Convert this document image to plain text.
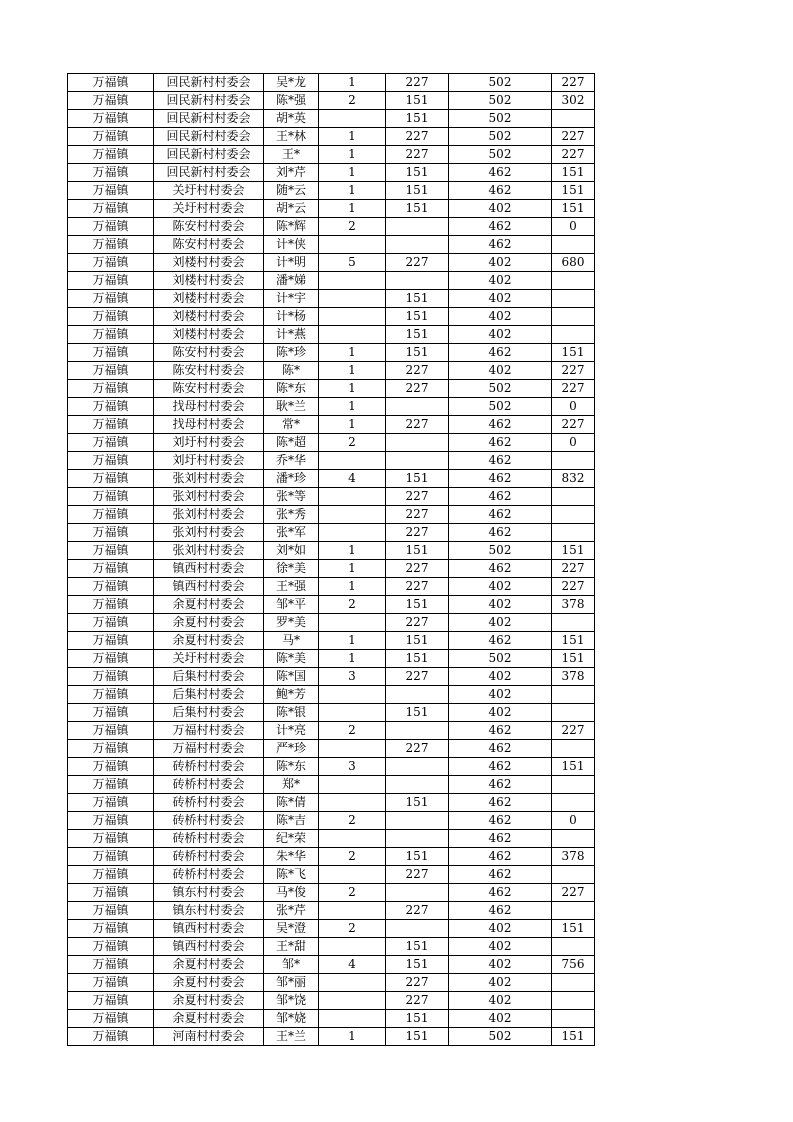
万福镇	回民新村村委会	吴*龙	1	227	502	227
万福镇	回民新村村委会	陈*强	2	151	502	302
万福镇	回民新村村委会	胡*英		151	502	
万福镇	回民新村村委会	王*林	1	227	502	227
万福镇	回民新村村委会	王*	1	227	502	227
万福镇	回民新村村委会	刘*芹	1	151	462	151
万福镇	关圩村村委会	随*云	1	151	462	151
万福镇	关圩村村委会	胡*云	1	151	402	151
万福镇	陈安村村委会	陈*辉	2		462	0
万福镇	陈安村村委会	计*侠			462	
万福镇	刘楼村村委会	计*明	5	227	402	680
万福镇	刘楼村村委会	潘*娣			402	
万福镇	刘楼村村委会	计*宇		151	402	
万福镇	刘楼村村委会	计*杨		151	402	
万福镇	刘楼村村委会	计*燕		151	402	
万福镇	陈安村村委会	陈*珍	1	151	462	151
万福镇	陈安村村委会	陈*	1	227	402	227
万福镇	陈安村村委会	陈*东	1	227	502	227
万福镇	找母村村委会	耿*兰	1		502	0
万福镇	找母村村委会	常*	1	227	462	227
万福镇	刘圩村村委会	陈*超	2		462	0
万福镇	刘圩村村委会	乔*华			462	
万福镇	张刘村村委会	潘*珍	4	151	462	832
万福镇	张刘村村委会	张*等		227	462	
万福镇	张刘村村委会	张*秀		227	462	
万福镇	张刘村村委会	张*军		227	462	
万福镇	张刘村村委会	刘*如	1	151	502	151
万福镇	镇西村村委会	徐*美	1	227	462	227
万福镇	镇西村村委会	王*强	1	227	402	227
万福镇	余夏村村委会	邹*平	2	151	402	378
万福镇	余夏村村委会	罗*美		227	402	
万福镇	余夏村村委会	马*	1	151	462	151
万福镇	关圩村村委会	陈*美	1	151	502	151
万福镇	后集村村委会	陈*国	3	227	402	378
万福镇	后集村村委会	鲍*芳			402	
万福镇	后集村村委会	陈*银		151	402	
万福镇	万福村村委会	计*亮	2		462	227
万福镇	万福村村委会	严*珍		227	462	
万福镇	砖桥村村委会	陈*东	3		462	151
万福镇	砖桥村村委会	郑*			462	
万福镇	砖桥村村委会	陈*倩		151	462	
万福镇	砖桥村村委会	陈*吉	2		462	0
万福镇	砖桥村村委会	纪*荣			462	
万福镇	砖桥村村委会	朱*华	2	151	462	378
万福镇	砖桥村村委会	陈*飞		227	462	
万福镇	镇东村村委会	马*俊	2		462	227
万福镇	镇东村村委会	张*芹		227	462	
万福镇	镇西村村委会	吴*澄	2		402	151
万福镇	镇西村村委会	王*甜		151	402	
万福镇	余夏村村委会	邹*	4	151	402	756
万福镇	余夏村村委会	邹*丽		227	402	
万福镇	余夏村村委会	邹*饶		227	402	
万福镇	余夏村村委会	邹*娆		151	402	
万福镇	河南村村委会	王*兰	1	151	502	151
